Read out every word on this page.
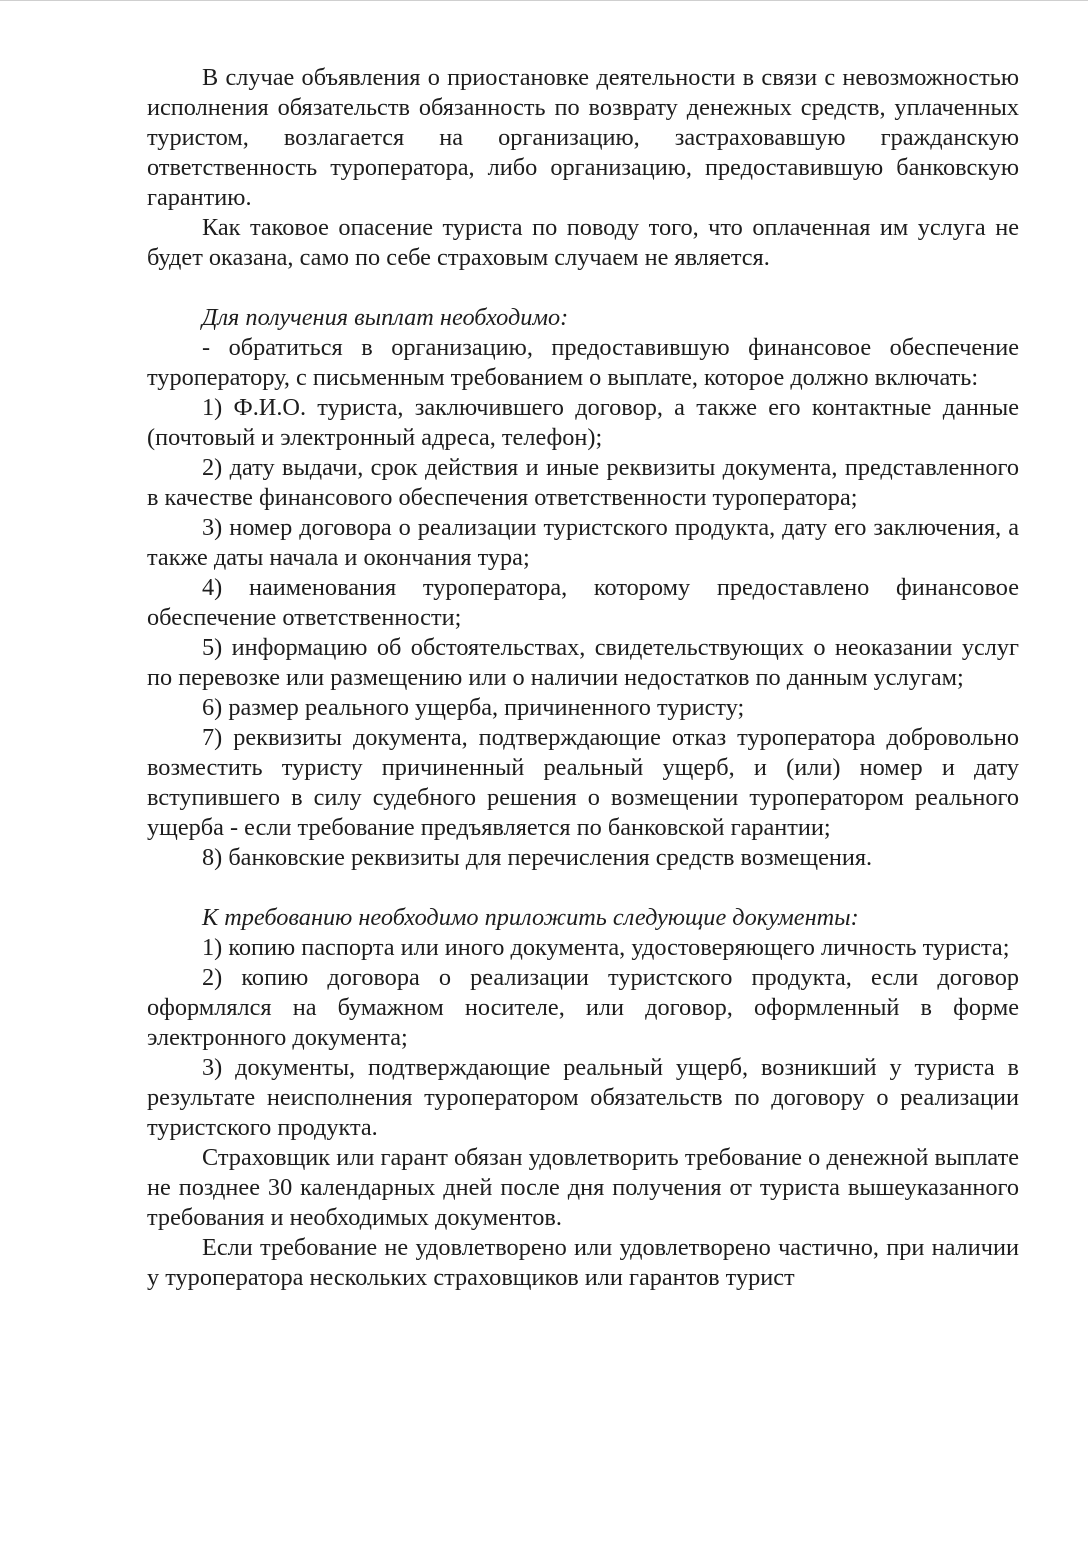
В случае объявления о приостановке деятельности в связи с невозможностью исполнения обязательств обязанность по возврату денежных средств, уплаченных туристом, возлагается на организацию, застраховавшую гражданскую ответственность туроператора, либо организацию, предоставившую банковскую гарантию.

Как таковое опасение туриста по поводу того, что оплаченная им услуга не будет оказана, само по себе страховым случаем не является.

Для получения выплат необходимо:

- обратиться в организацию, предоставившую финансовое обеспечение туроператору, с письменным требованием о выплате, которое должно включать:

1) Ф.И.О. туриста, заключившего договор, а также его контактные данные (почтовый и электронный адреса, телефон);

2) дату выдачи, срок действия и иные реквизиты документа, представленного в качестве финансового обеспечения ответственности туроператора;

3) номер договора о реализации туристского продукта, дату его заключения, а также даты начала и окончания тура;

4) наименования туроператора, которому предоставлено финансовое обеспечение ответственности;

5) информацию об обстоятельствах, свидетельствующих о неоказании услуг по перевозке или размещению или о наличии недостатков по данным услугам;

6) размер реального ущерба, причиненного туристу;

7) реквизиты документа, подтверждающие отказ туроператора добровольно возместить туристу причиненный реальный ущерб, и (или) номер и дату вступившего в силу судебного решения о возмещении туроператором реального ущерба - если требование предъявляется по банковской гарантии;

8) банковские реквизиты для перечисления средств возмещения.

К требованию необходимо приложить следующие документы:

1) копию паспорта или иного документа, удостоверяющего личность туриста;

2) копию договора о реализации туристского продукта, если договор оформлялся на бумажном носителе, или договор, оформленный в форме электронного документа;

3) документы, подтверждающие реальный ущерб, возникший у туриста в результате неисполнения туроператором обязательств по договору о реализации туристского продукта.

Страховщик или гарант обязан удовлетворить требование о денежной выплате не позднее 30 календарных дней после дня получения от туриста вышеуказанного требования и необходимых документов.

Если требование не удовлетворено или удовлетворено частично, при наличии у туроператора нескольких страховщиков или гарантов турист
